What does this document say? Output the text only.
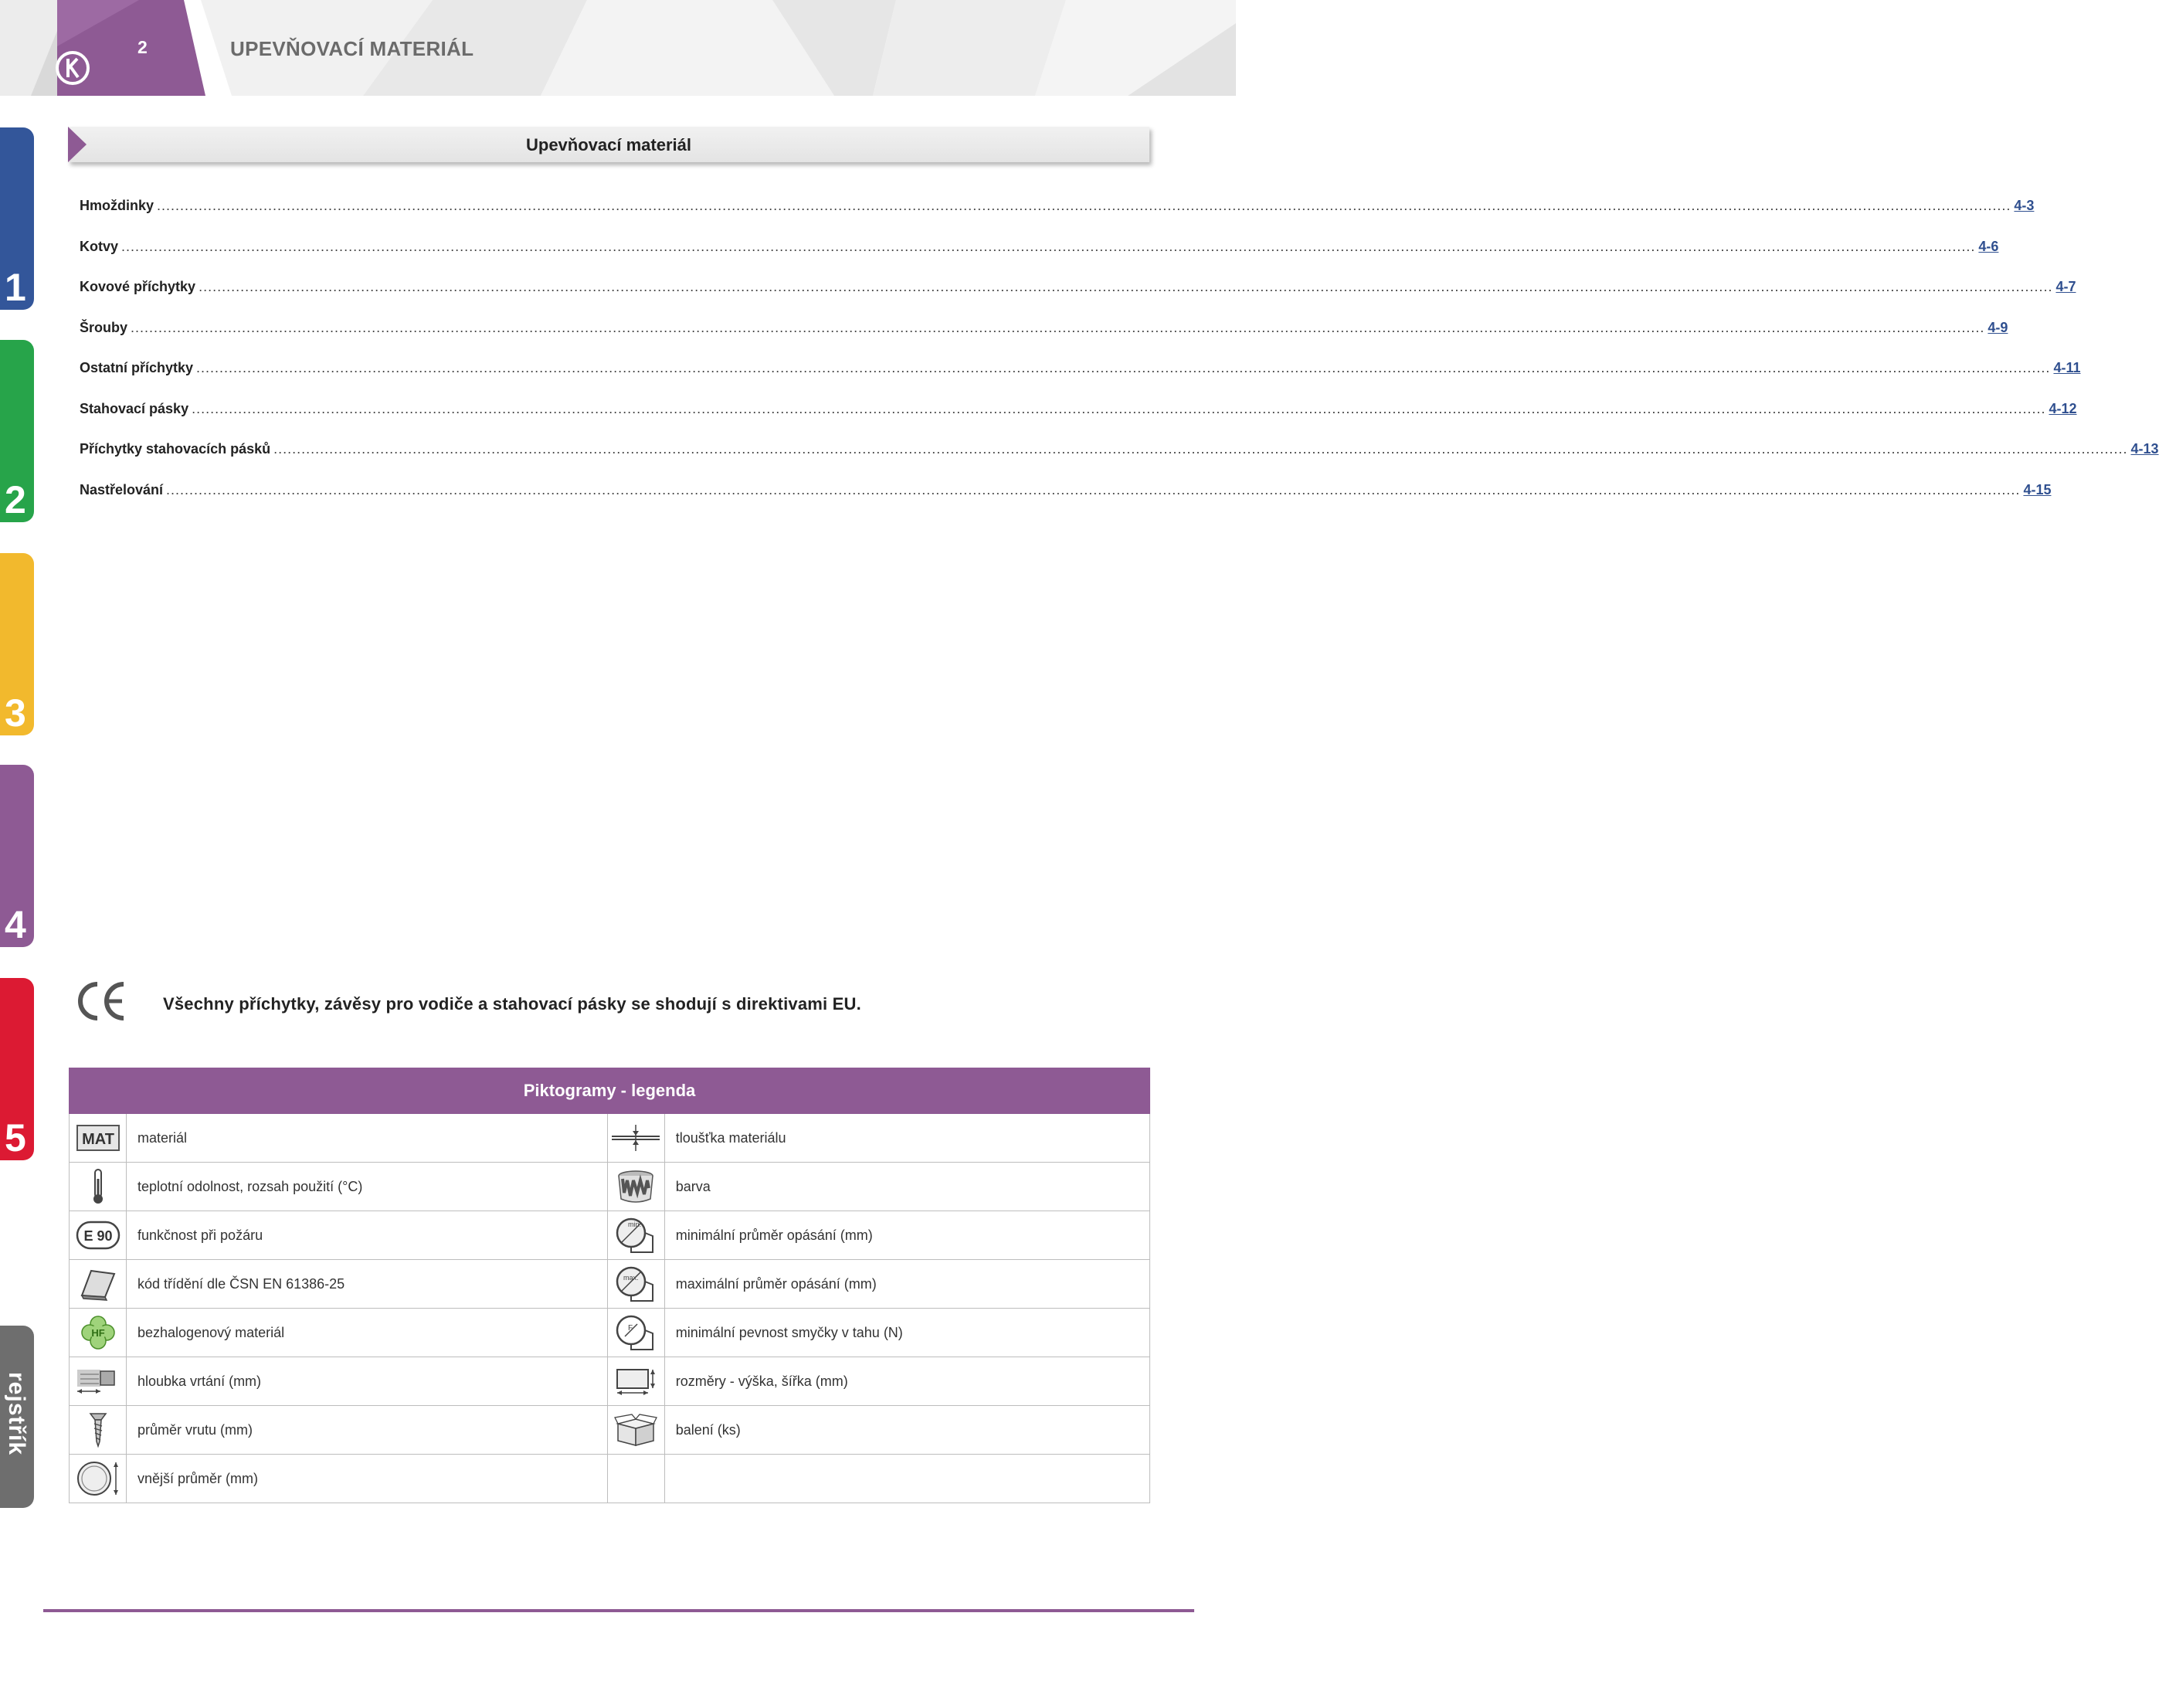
2	UPEVŇOVACÍ MATERIÁL
1
2
3
4
5
rejstřík
Upevňovací materiál
Hmoždinky ................................................................................................................................................................................................................................................................................................................................................................................................................ 4-3
Kotvy ................................................................................................................................................................................................................................................................................................................................................................................................................ 4-6
Kovové příchytky ................................................................................................................................................................................................................................................................................................................................................................................................................ 4-7
Šrouby ................................................................................................................................................................................................................................................................................................................................................................................................................ 4-9
Ostatní příchytky ................................................................................................................................................................................................................................................................................................................................................................................................................ 4-11
Stahovací pásky ................................................................................................................................................................................................................................................................................................................................................................................................................ 4-12
Příchytky stahovacích pásků ................................................................................................................................................................................................................................................................................................................................................................................................................ 4-13
Nastřelování ................................................................................................................................................................................................................................................................................................................................................................................................................ 4-15
Všechny příchytky, závěsy pro vodiče a stahovací pásky se shodují s direktivami EU.
Piktogramy - legenda			

MAT	materiál		tloušťka materiálu

	teplotní odolnost, rozsah použití (°C)		barva

E 90	funkčnost při požáru	min.	minimální průměr opásání (mm)

	kód třídění dle ČSN EN 61386-25	max.	maximální průměr opásání (mm)

HF	bezhalogenový materiál	F	minimální pevnost smyčky v tahu (N)

	hloubka vrtání (mm)		rozměry - výška, šířka (mm)

	průměr vrutu (mm)		balení (ks)

	vnější průměr (mm)		
